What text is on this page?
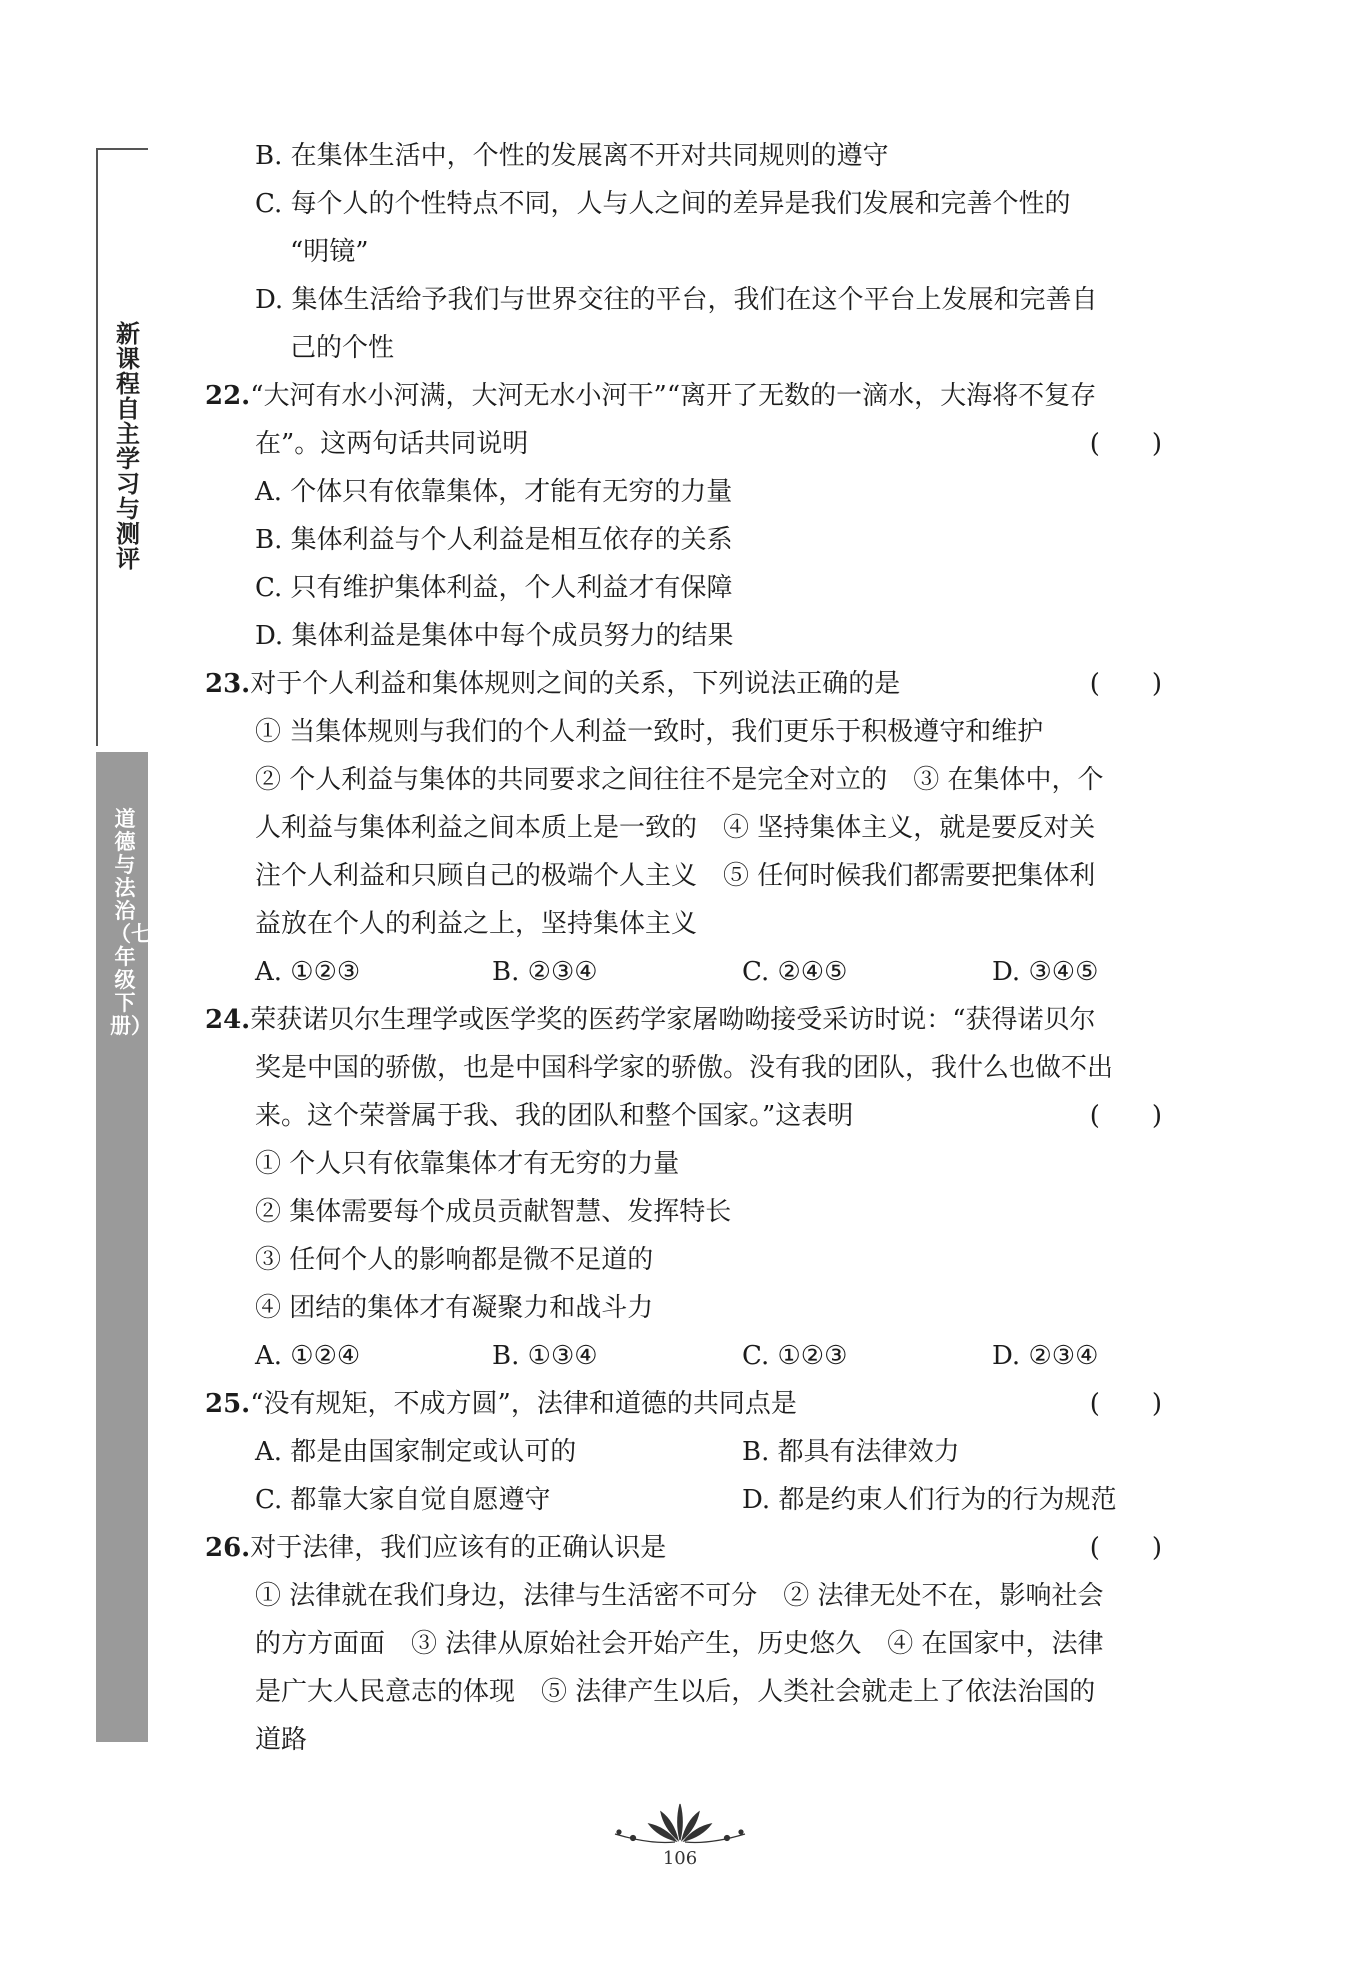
新课程自主学习与测评
道德与法治（七年级下册）
B. 在集体生活中，个性的发展离不开对共同规则的遵守
C. 每个人的个性特点不同，人与人之间的差异是我们发展和完善个性的
“明镜”
D. 集体生活给予我们与世界交往的平台，我们在这个平台上发展和完善自
己的个性
22.“大河有水小河满，大河无水小河干”“离开了无数的一滴水，大海将不复存
在”。这两句话共同说明	(　　)
A. 个体只有依靠集体，才能有无穷的力量
B. 集体利益与个人利益是相互依存的关系
C. 只有维护集体利益，个人利益才有保障
D. 集体利益是集体中每个成员努力的结果
23.对于个人利益和集体规则之间的关系，下列说法正确的是	(　　)
① 当集体规则与我们的个人利益一致时，我们更乐于积极遵守和维护
② 个人利益与集体的共同要求之间往往不是完全对立的　③ 在集体中，个
人利益与集体利益之间本质上是一致的　④ 坚持集体主义，就是要反对关
注个人利益和只顾自己的极端个人主义　⑤ 任何时候我们都需要把集体利
益放在个人的利益之上，坚持集体主义
A. ①②③	B. ②③④	C. ②④⑤	D. ③④⑤
24.荣获诺贝尔生理学或医学奖的医药学家屠呦呦接受采访时说：“获得诺贝尔
奖是中国的骄傲，也是中国科学家的骄傲。没有我的团队，我什么也做不出
来。这个荣誉属于我、我的团队和整个国家。”这表明	(　　)
① 个人只有依靠集体才有无穷的力量
② 集体需要每个成员贡献智慧、发挥特长
③ 任何个人的影响都是微不足道的
④ 团结的集体才有凝聚力和战斗力
A. ①②④	B. ①③④	C. ①②③	D. ②③④
25.“没有规矩，不成方圆”，法律和道德的共同点是	(　　)
A. 都是由国家制定或认可的	B. 都具有法律效力
C. 都靠大家自觉自愿遵守	D. 都是约束人们行为的行为规范
26.对于法律，我们应该有的正确认识是	(　　)
① 法律就在我们身边，法律与生活密不可分　② 法律无处不在，影响社会
的方方面面　③ 法律从原始社会开始产生，历史悠久　④ 在国家中，法律
是广大人民意志的体现　⑤ 法律产生以后，人类社会就走上了依法治国的
道路
106
